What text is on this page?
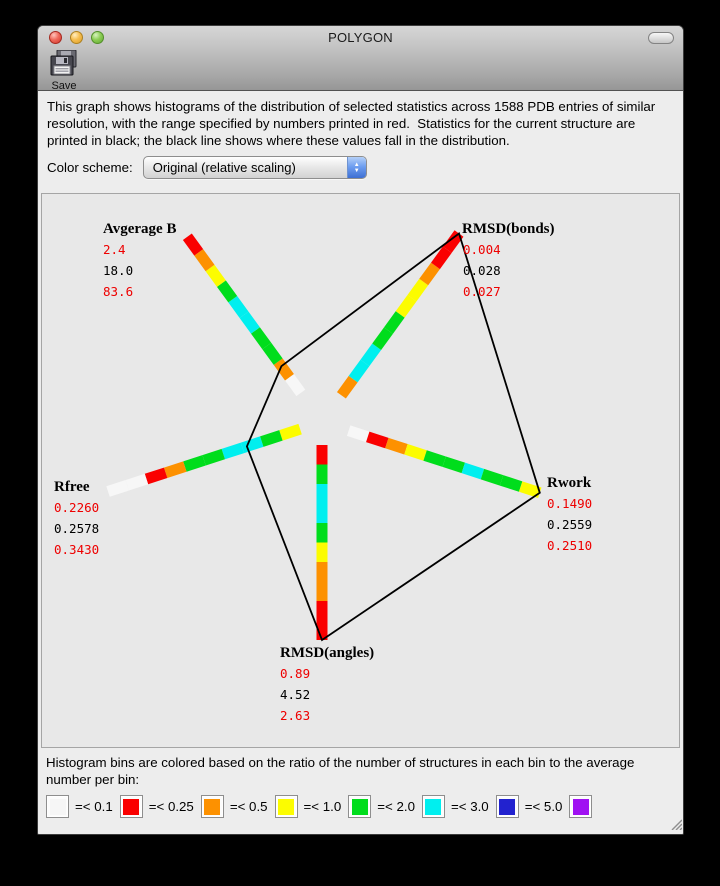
POLYGON
Save
This graph shows histograms of the distribution of selected statistics across 1588 PDB entries of similar resolution, with the range specified by numbers printed in red.  Statistics for the current structure are printed in black; the black line shows where these values fall in the distribution.
Color scheme:	Original (relative scaling)	▲
▼
Avgerage B
2.4
18.0
83.6
RMSD(bonds)
0.004
0.028
0.027
Rwork
0.1490
0.2559
0.2510
RMSD(angles)
0.89
4.52
2.63
Rfree
0.2260
0.2578
0.3430
Histogram bins are colored based on the ratio of the number of structures in each bin to the average number per bin:
=< 0.1	=< 0.25	=< 0.5	=< 1.0	=< 2.0	=< 3.0	=< 5.0
